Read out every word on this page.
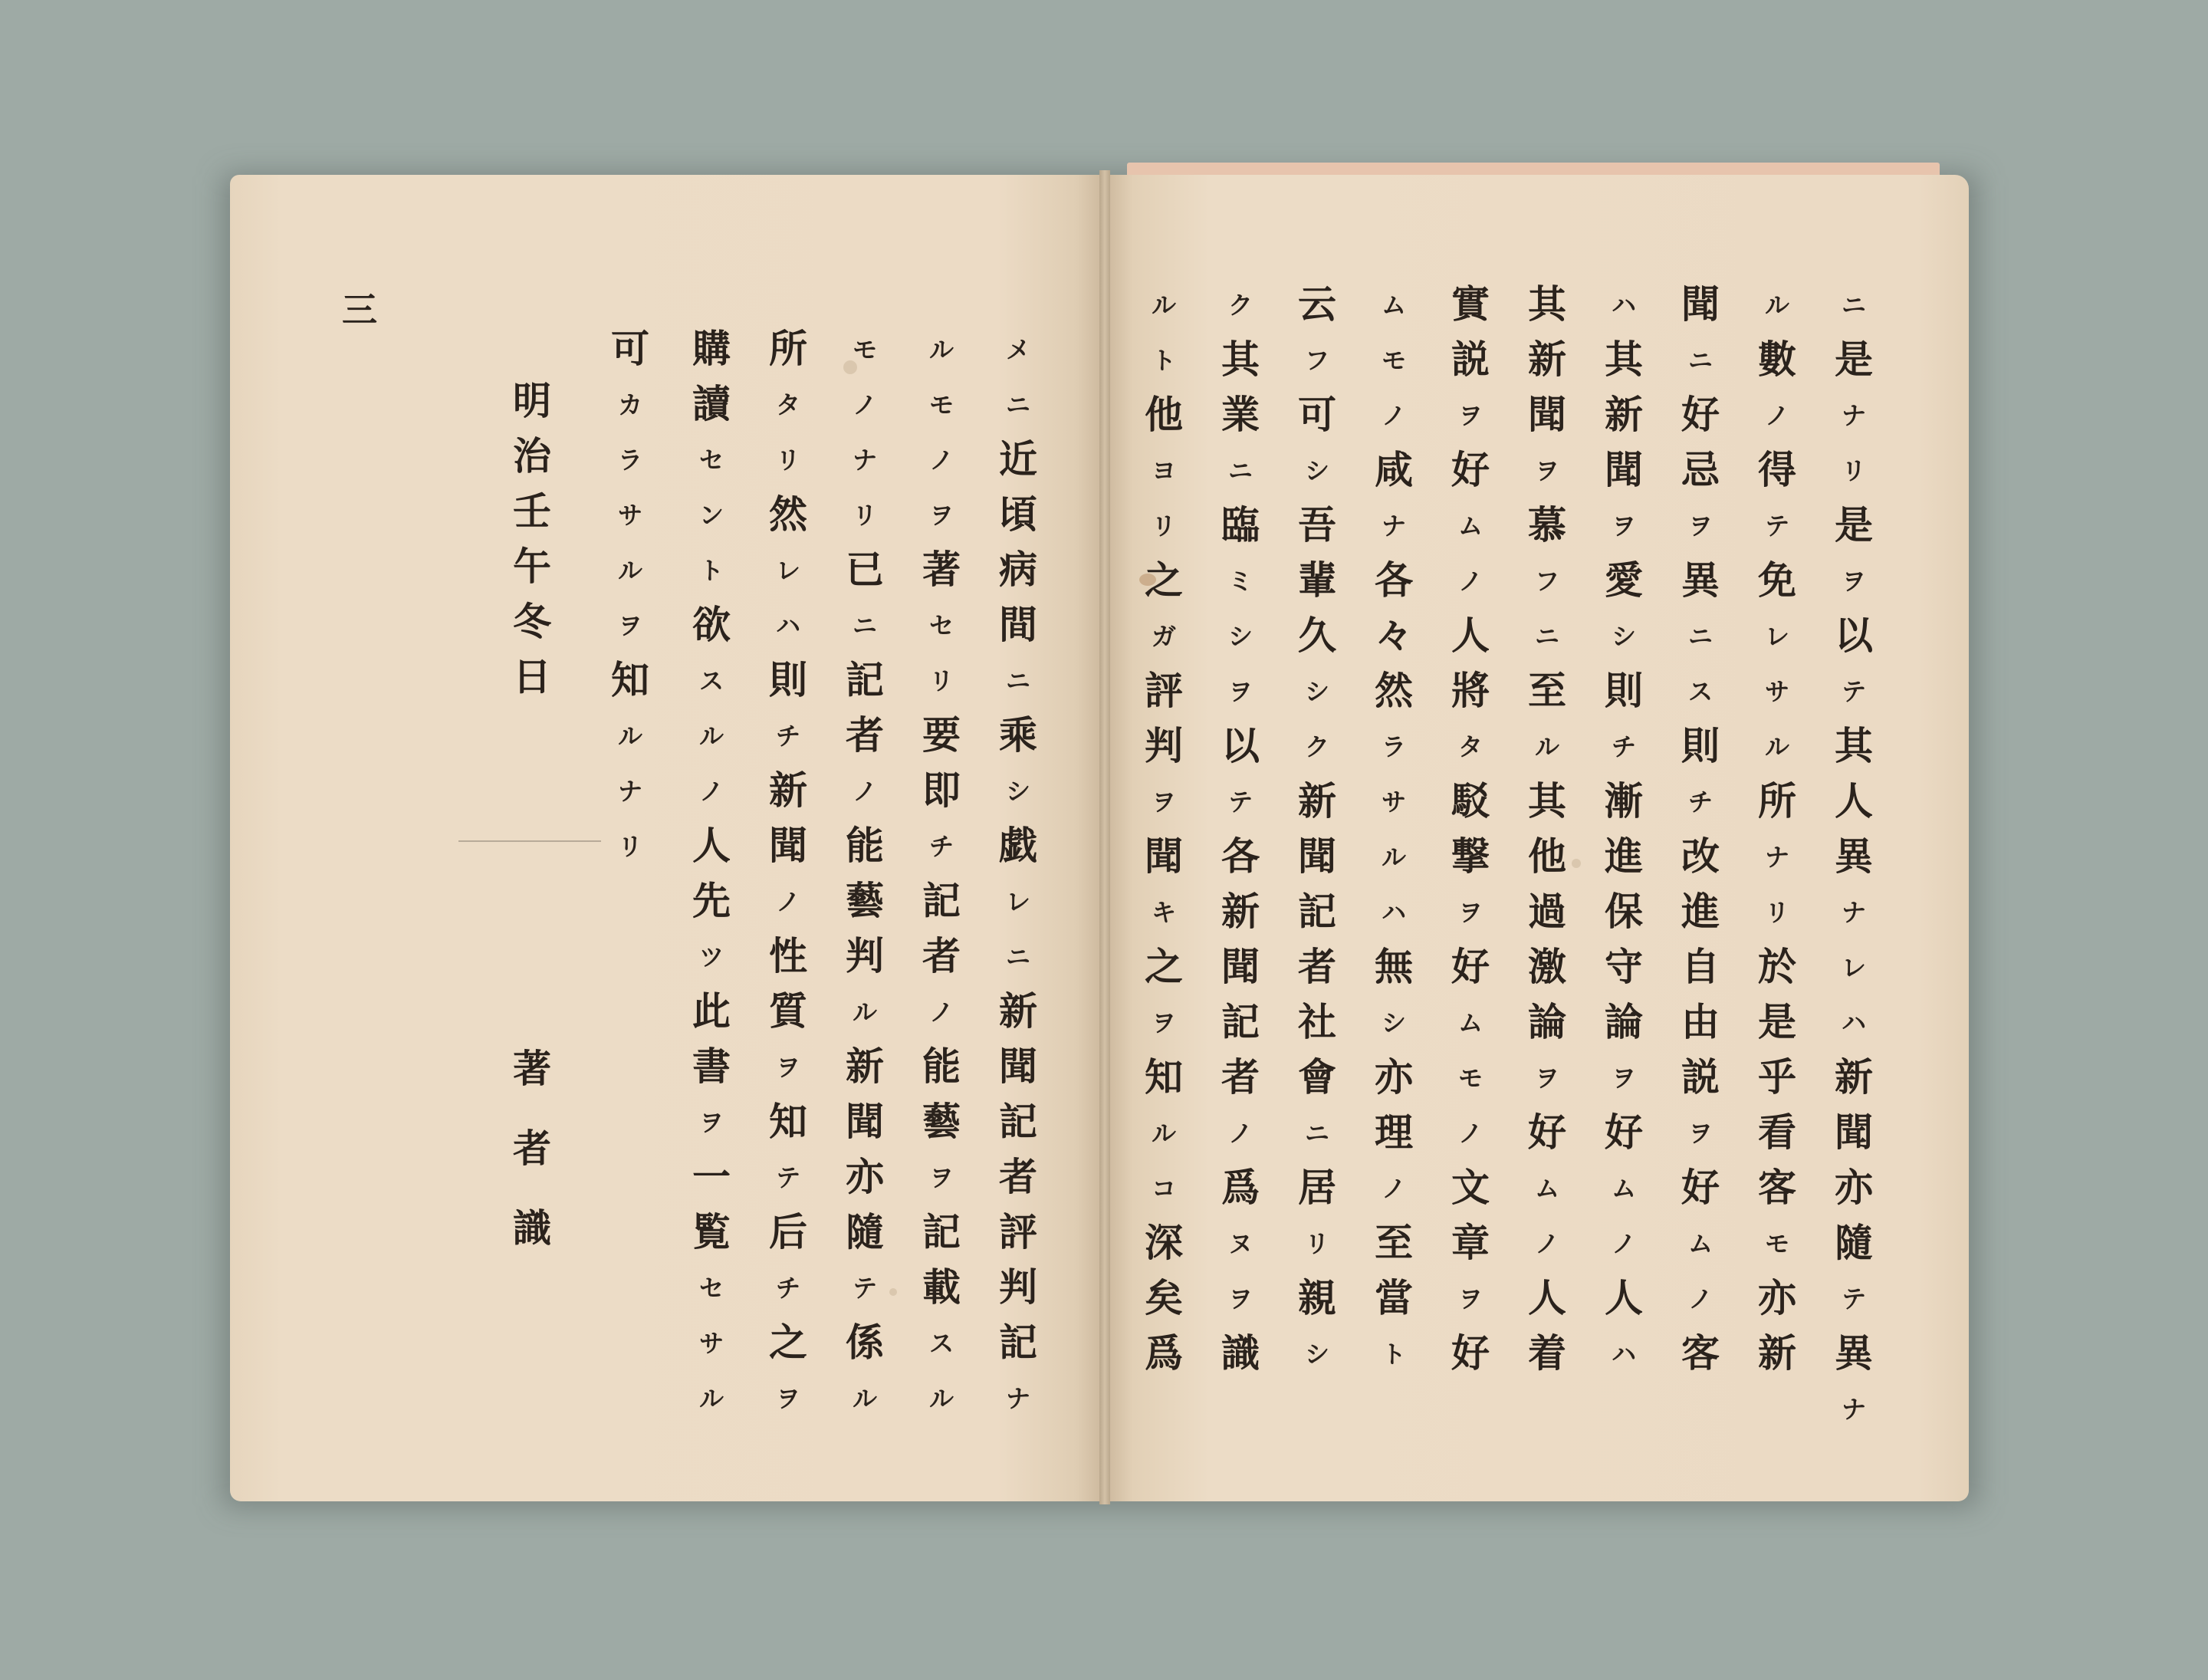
三
メ
ニ
近
頃
病
間
ニ
乘
シ
戯
レ
ニ
新
聞
記
者
評
判
記
ナ
ル
モ
ノ
ヲ
著
セ
リ
要
即
チ
記
者
ノ
能
藝
ヲ
記
載
ス
ル
モ
ノ
ナ
リ
已
ニ
記
者
ノ
能
藝
判
ル
新
聞
亦
隨
テ
係
ル
所
タ
リ
然
レ
ハ
則
チ
新
聞
ノ
性
質
ヲ
知
テ
后
チ
之
ヲ
購
讀
セ
ン
ト
欲
ス
ル
ノ
人
先
ツ
此
書
ヲ
一
覧
セ
サ
ル
可
カ
ラ
サ
ル
ヲ
知
ル
ナ
リ
明
治
壬
午
冬
日
著
者
識
ニ
是
ナ
リ
是
ヲ
以
テ
其
人
異
ナ
レ
ハ
新
聞
亦
隨
テ
異
ナ
ル
數
ノ
得
テ
免
レ
サ
ル
所
ナ
リ
於
是
乎
看
客
モ
亦
新
聞
ニ
好
忌
ヲ
異
ニ
ス
則
チ
改
進
自
由
説
ヲ
好
ム
ノ
客
ハ
其
新
聞
ヲ
愛
シ
則
チ
漸
進
保
守
論
ヲ
好
ム
ノ
人
ハ
其
新
聞
ヲ
慕
フ
ニ
至
ル
其
他
過
激
論
ヲ
好
ム
ノ
人
着
實
説
ヲ
好
ム
ノ
人
將
タ
駁
撃
ヲ
好
ム
モ
ノ
文
章
ヲ
好
ム
モ
ノ
咸
ナ
各
々
然
ラ
サ
ル
ハ
無
シ
亦
理
ノ
至
當
ト
云
フ
可
シ
吾
輩
久
シ
ク
新
聞
記
者
社
會
ニ
居
リ
親
シ
ク
其
業
ニ
臨
ミ
シ
ヲ
以
テ
各
新
聞
記
者
ノ
爲
ヌ
ヲ
識
ル
ト
他
ヨ
リ
之
ガ
評
判
ヲ
聞
キ
之
ヲ
知
ル
コ
深
矣
爲
